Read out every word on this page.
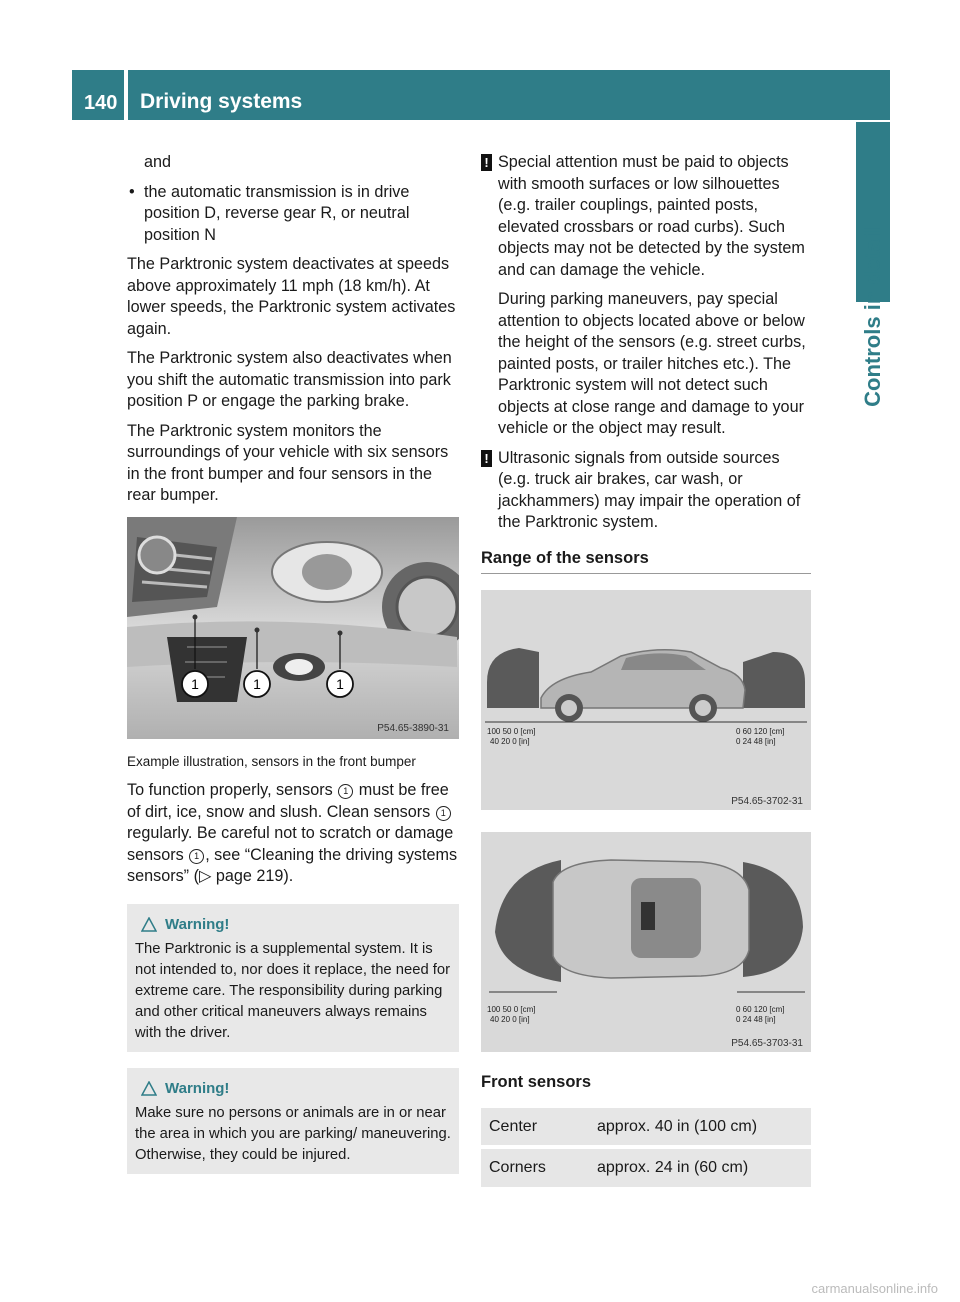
140 Driving systems
Controls in detail

and

• the automatic transmission is in drive position D, reverse gear R, or neutral position N

The Parktronic system deactivates at speeds above approximately 11 mph (18 km/h). At lower speeds, the Parktronic system activates again.

The Parktronic system also deactivates when you shift the automatic transmission into park position P or engage the parking brake.

The Parktronic system monitors the surroundings of your vehicle with six sensors in the front bumper and four sensors in the rear bumper.

1	1	1
P54.65-3890-31
Example illustration, sensors in the front bumper

To function properly, sensors 1 must be free of dirt, ice, snow and slush. Clean sensors 1 regularly. Be careful not to scratch or damage sensors 1 , see “Cleaning the driving systems sensors” (▷ page 219).

Warning!
The Parktronic is a supplemental system. It is not intended to, nor does it replace, the need for extreme care. The responsibility during parking and other critical maneuvers always remains with the driver.
Warning!
Make sure no persons or animals are in or near the area in which you are parking/ maneuvering. Otherwise, they could be injured.
! Special attention must be paid to objects with smooth surfaces or low silhouettes (e.g. trailer couplings, painted posts, elevated crossbars or road curbs). Such objects may not be detected by the system and can damage the vehicle.

During parking maneuvers, pay special attention to objects located above or below the height of the sensors (e.g. street curbs, painted posts, or trailer hitches etc.). The Parktronic system will not detect such objects at close range and damage to your vehicle or the object may result.

! Ultrasonic signals from outside sources (e.g. truck air brakes, car wash, or jackhammers) may impair the operation of the Parktronic system.

Range of the sensors
100 50 0 [cm]
40 20 0 [in]
0 60 120 [cm]
0 24 48 [in]
P54.65-3702-31
100 50 0 [cm]
40 20 0 [in]
0 60 120 [cm]
0 24 48 [in]
P54.65-3703-31
Front sensors
Center	approx. 40 in (100 cm)
Corners	approx. 24 in (60 cm)
carmanualsonline.info
